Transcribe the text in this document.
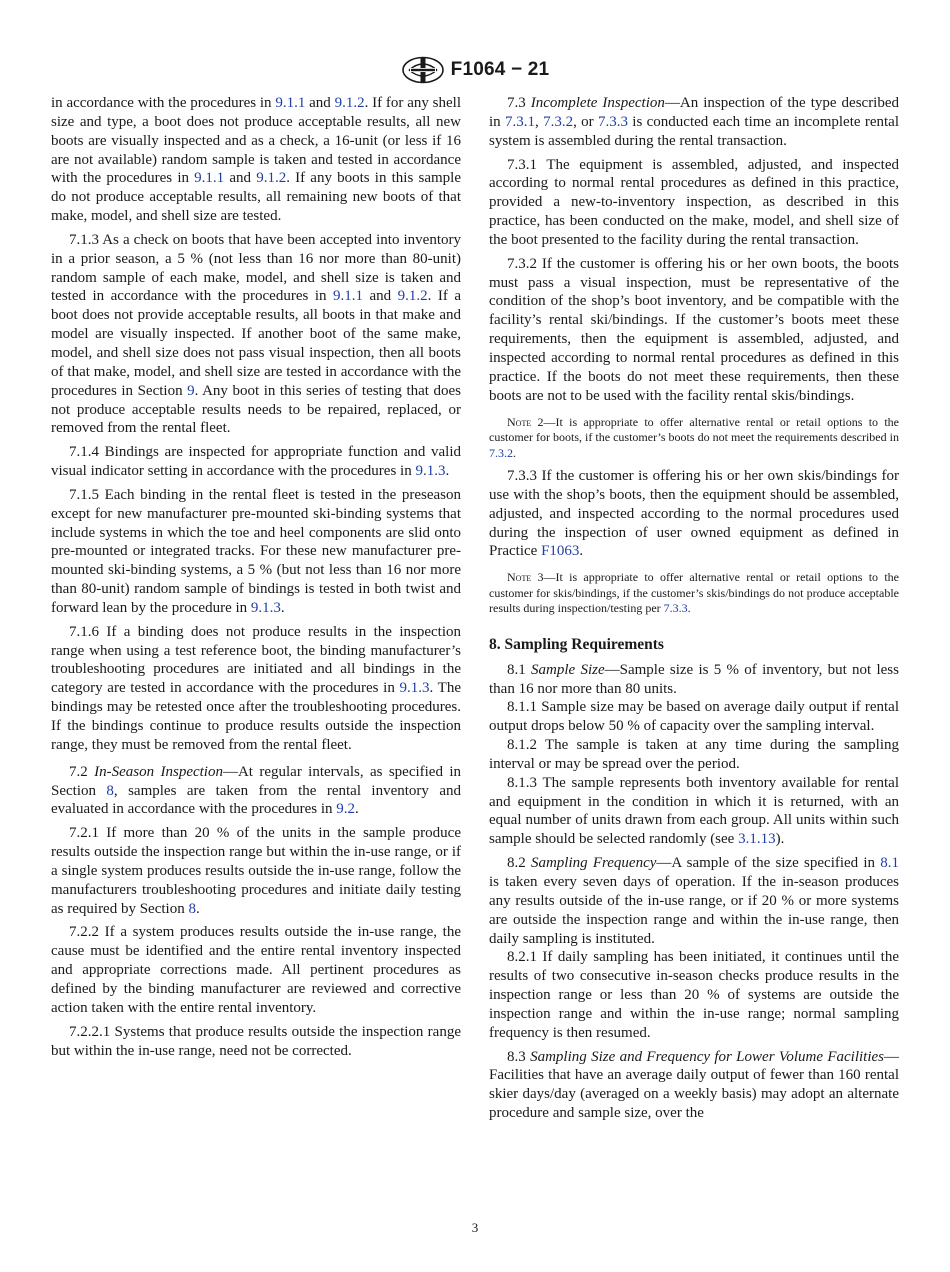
F1064 − 21

in accordance with the procedures in 9.1.1 and 9.1.2. If for any shell size and type, a boot does not produce acceptable results, all new boots are visually inspected and as a check, a 16-unit (or less if 16 are not available) random sample is taken and tested in accordance with the procedures in 9.1.1 and 9.1.2. If any boots in this sample do not produce acceptable results, all remaining new boots of that make, model, and shell size are tested.

7.1.3 As a check on boots that have been accepted into inventory in a prior season, a 5 % (not less than 16 nor more than 80-unit) random sample of each make, model, and shell size is taken and tested in accordance with the procedures in 9.1.1 and 9.1.2. If a boot does not provide acceptable results, all boots in that make and model are visually inspected. If another boot of the same make, model, and shell size does not pass visual inspection, then all boots of that make, model, and shell size are tested in accordance with the procedures in Section 9. Any boot in this series of testing that does not produce acceptable results needs to be repaired, replaced, or removed from the rental fleet.

7.1.4 Bindings are inspected for appropriate function and valid visual indicator setting in accordance with the procedures in 9.1.3.

7.1.5 Each binding in the rental fleet is tested in the preseason except for new manufacturer pre-mounted ski-binding systems that include systems in which the toe and heel components are slid onto pre-mounted or integrated tracks. For these new manufacturer pre-mounted ski-binding systems, a 5 % (but not less than 16 nor more than 80-unit) random sample of bindings is tested in both twist and forward lean by the procedure in 9.1.3.

7.1.6 If a binding does not produce results in the inspection range when using a test reference boot, the binding manufacturer’s troubleshooting procedures are initiated and all bindings in the category are tested in accordance with the procedures in 9.1.3. The bindings may be retested once after the troubleshooting procedures. If the bindings continue to produce results outside the inspection range, they must be removed from the rental fleet.

7.2 In-Season Inspection—At regular intervals, as specified in Section 8, samples are taken from the rental inventory and evaluated in accordance with the procedures in 9.2.

7.2.1 If more than 20 % of the units in the sample produce results outside the inspection range but within the in-use range, or if a single system produces results outside the in-use range, follow the manufacturers troubleshooting procedures and initiate daily testing as required by Section 8.

7.2.2 If a system produces results outside the in-use range, the cause must be identified and the entire rental inventory inspected and appropriate corrections made. All pertinent procedures as defined by the binding manufacturer are reviewed and corrective action taken with the entire rental inventory.

7.2.2.1 Systems that produce results outside the inspection range but within the in-use range, need not be corrected.

7.3 Incomplete Inspection—An inspection of the type described in 7.3.1, 7.3.2, or 7.3.3 is conducted each time an incomplete rental system is assembled during the rental transaction.

7.3.1 The equipment is assembled, adjusted, and inspected according to normal rental procedures as defined in this practice, provided a new-to-inventory inspection, as described in this practice, has been conducted on the make, model, and shell size of the boot presented to the facility during the rental transaction.

7.3.2 If the customer is offering his or her own boots, the boots must pass a visual inspection, must be representative of the condition of the shop’s boot inventory, and be compatible with the facility’s rental ski/bindings. If the customer’s boots meet these requirements, then the equipment is assembled, adjusted, and inspected according to normal rental procedures as defined in this practice. If the boots do not meet these requirements, then these boots are not to be used with the facility rental skis/bindings.

Note 2—It is appropriate to offer alternative rental or retail options to the customer for boots, if the customer’s boots do not meet the requirements described in 7.3.2.

7.3.3 If the customer is offering his or her own skis/bindings for use with the shop’s boots, then the equipment should be assembled, adjusted, and inspected according to the normal procedures used during the inspection of user owned equipment as defined in Practice F1063.

Note 3—It is appropriate to offer alternative rental or retail options to the customer for skis/bindings, if the customer’s skis/bindings do not produce acceptable results during inspection/testing per 7.3.3.

8. Sampling Requirements

8.1 Sample Size—Sample size is 5 % of inventory, but not less than 16 nor more than 80 units.

8.1.1 Sample size may be based on average daily output if rental output drops below 50 % of capacity over the sampling interval.

8.1.2 The sample is taken at any time during the sampling interval or may be spread over the period.

8.1.3 The sample represents both inventory available for rental and equipment in the condition in which it is returned, with an equal number of units drawn from each group. All units within such sample should be selected randomly (see 3.1.13).

8.2 Sampling Frequency—A sample of the size specified in 8.1 is taken every seven days of operation. If the in-season produces any results outside of the in-use range, or if 20 % or more systems are outside the inspection range and within the in-use range, then daily sampling is instituted.

8.2.1 If daily sampling has been initiated, it continues until the results of two consecutive in-season checks produce results in the inspection range or less than 20 % of systems are outside the inspection range and within the in-use range; normal sampling frequency is then resumed.

8.3 Sampling Size and Frequency for Lower Volume Facilities—Facilities that have an average daily output of fewer than 160 rental skier days/day (averaged on a weekly basis) may adopt an alternate procedure and sample size, over the

3
